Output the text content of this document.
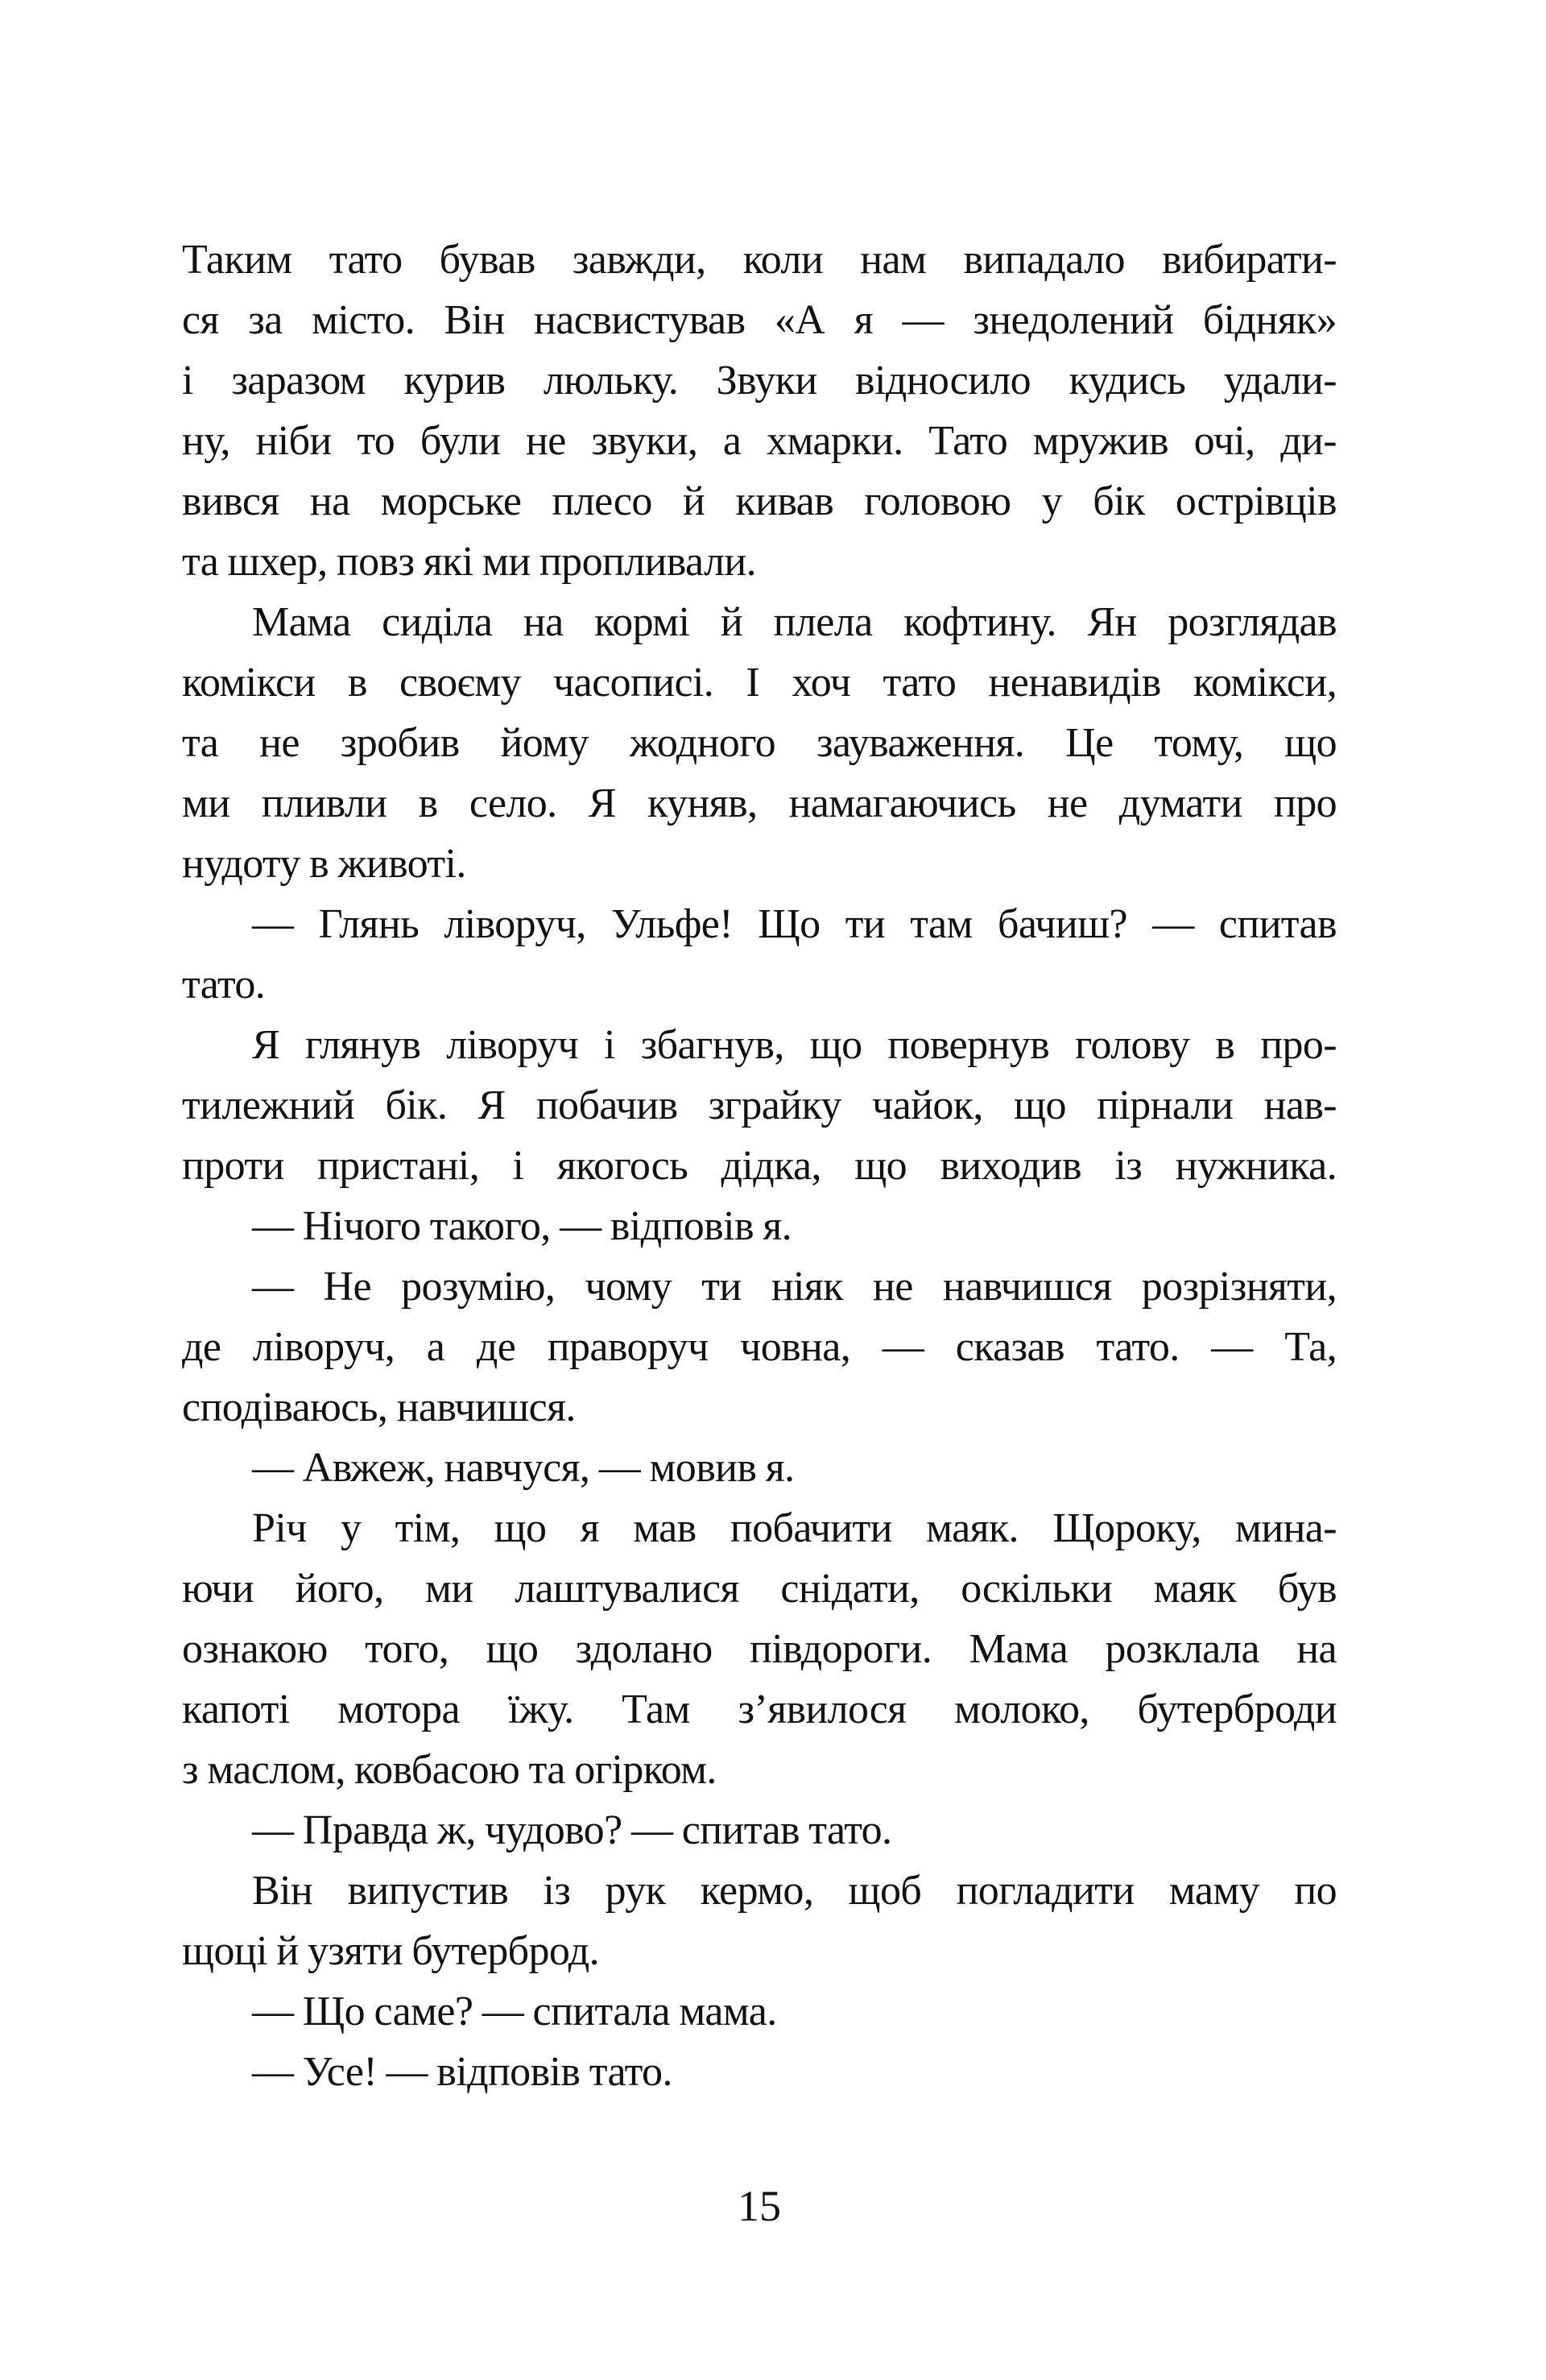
Таким тато бував завжди, коли нам випадало вибирати-
ся за місто. Він насвистував «А я — знедолений бідняк»
і заразом курив люльку. Звуки відносило кудись удали-
ну, ніби то були не звуки, а хмарки. Тато мружив очі, ди-
вився на морське плесо й кивав головою у бік острівців
та шхер, повз які ми пропливали.
Мама сиділа на кормі й плела кофтину. Ян розглядав
комікси в своєму часописі. І хоч тато ненавидів комікси,
та не зробив йому жодного зауваження. Це тому, що
ми пливли в село. Я куняв, намагаючись не думати про
нудоту в животі.
— Глянь ліворуч, Ульфе! Що ти там бачиш? — спитав
тато.
Я глянув ліворуч і збагнув, що повернув голову в про-
тилежний бік. Я побачив зграйку чайок, що пірнали нав-
проти пристані, і якогось дідка, що виходив із нужника.
— Нічого такого, — відповів я.
— Не розумію, чому ти ніяк не навчишся розрізняти,
де ліворуч, а де праворуч човна, — сказав тато. — Та,
сподіваюсь, навчишся.
— Авжеж, навчуся, — мовив я.
Річ у тім, що я мав побачити маяк. Щороку, мина-
ючи його, ми лаштувалися снідати, оскільки маяк був
ознакою того, що здолано півдороги. Мама розклала на
капоті мотора їжу. Там з’явилося молоко, бутерброди
з маслом, ковбасою та огірком.
— Правда ж, чудово? — спитав тато.
Він випустив із рук кермо, щоб погладити маму по
щоці й узяти бутерброд.
— Що саме? — спитала мама.
— Усе! — відповів тато.
15
